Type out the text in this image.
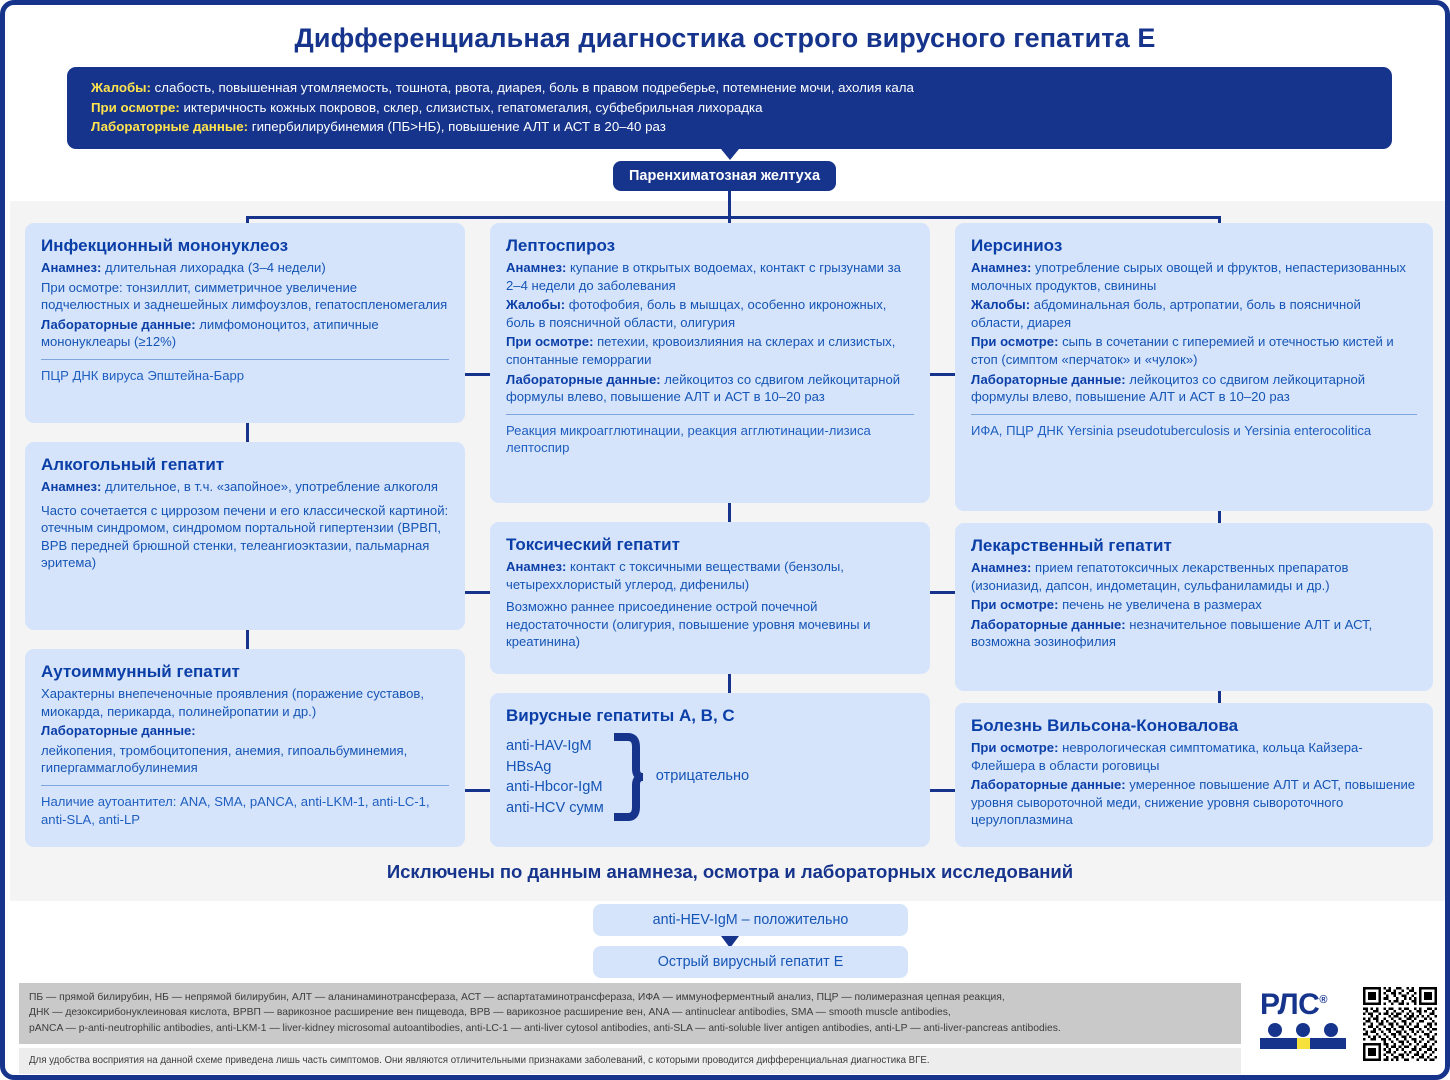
Дифференциальная диагностика острого вирусного гепатита Е
Жалобы: слабость, повышенная утомляемость, тошнота, рвота, диарея, боль в правом подреберье, потемнение мочи, ахолия кала
При осмотре: иктеричность кожных покровов, склер, слизистых, гепатомегалия, субфебрильная лихорадка
Лабораторные данные: гипербилирубинемия (ПБ>НБ), повышение АЛТ и АСТ в 20–40 раз
Паренхиматозная желтуха
Инфекционный мононуклеоз

Анамнез: длительная лихорадка (3–4 недели)

При осмотре: тонзиллит, симметричное увеличение подчелюстных и заднешейных лимфоузлов, гепатоспленомегалия

Лабораторные данные: лимфомоноцитоз, атипичные мононуклеары (≥12%)

ПЦР ДНК вируса Эпштейна-Барр

Алкогольный гепатит

Анамнез: длительное, в т.ч. «запойное», употребление алкоголя

Часто сочетается с циррозом печени и его классической картиной: отечным синдромом, синдромом портальной гипертензии (ВРВП, ВРВ передней брюшной стенки, телеангиоэктазии, пальмарная эритема)

Аутоиммунный гепатит

Характерны внепеченочные проявления (поражение суставов, миокарда, перикарда, полинейропатии и др.)

Лабораторные данные:

лейкопения, тромбоцитопения, анемия, гипоальбуминемия, гипергаммаглобулинемия

Наличие аутоантител: ANA, SMA, pANCA, anti-LKM-1, anti-LC-1, anti-SLA, anti-LP

Лептоспироз

Анамнез: купание в открытых водоемах, контакт с грызунами за 2–4 недели до заболевания

Жалобы: фотофобия, боль в мышцах, особенно икроножных, боль в поясничной области, олигурия

При осмотре: петехии, кровоизлияния на склерах и слизистых, спонтанные геморрагии

Лабораторные данные: лейкоцитоз со сдвигом лейкоцитарной формулы влево, повышение АЛТ и АСТ в 10–20 раз

Реакция микроагглютинации, реакция агглютинации-лизиса лептоспир

Токсический гепатит

Анамнез: контакт с токсичными веществами (бензолы, четыреххлористый углерод, дифенилы)

Возможно раннее присоединение острой почечной недостаточности (олигурия, повышение уровня мочевины и креатинина)

Вирусные гепатиты А, B, C
anti-HAV-IgM
HBsAg
anti-Hbcor-IgM
anti-HCV сумм
отрицательно
Иерсиниоз

Анамнез: употребление сырых овощей и фруктов, непастеризованных молочных продуктов, свинины

Жалобы: абдоминальная боль, артропатии, боль в поясничной области, диарея

При осмотре: сыпь в сочетании с гиперемией и отечностью кистей и стоп (симптом «перчаток» и «чулок»)

Лабораторные данные: лейкоцитоз со сдвигом лейкоцитарной формулы влево, повышение АЛТ и АСТ в 10–20 раз

ИФА, ПЦР ДНК Yersinia pseudotuberculosis и Yersinia enterocolitica

Лекарственный гепатит

Анамнез: прием гепатотоксичных лекарственных препаратов (изониазид, дапсон, индометацин, сульфаниламиды и др.)

При осмотре: печень не увеличена в размерах

Лабораторные данные: незначительное повышение АЛТ и АСТ, возможна эозинофилия

Болезнь Вильсона-Коновалова

При осмотре: неврологическая симптоматика, кольца Кайзера-Флейшера в области роговицы

Лабораторные данные: умеренное повышение АЛТ и АСТ, повышение уровня сывороточной меди, снижение уровня сывороточного церулоплазмина

Исключены по данным анамнеза, осмотра и лабораторных исследований
anti-HEV-IgM – положительно
Острый вирусный гепатит Е
ПБ — прямой билирубин, НБ — непрямой билирубин, АЛТ — аланинаминотрансфераза, АСТ — аспартатаминотрансфераза, ИФА — иммуноферментный анализ, ПЦР — полимеразная цепная реакция,
ДНК — дезоксирибонуклеиновая кислота, ВРВП — варикозное расширение вен пищевода, ВРВ — варикозное расширение вен, ANA — antinuclear antibodies, SMA — smooth muscle antibodies,
pANCA — p-anti-neutrophilic antibodies, anti-LKM-1 — liver-kidney microsomal autoantibodies, anti-LC-1 — anti-liver cytosol antibodies, anti-SLA — anti-soluble liver antigen antibodies, anti-LP — anti-liver-pancreas antibodies.
Для удобства восприятия на данной схеме приведена лишь часть симптомов. Они являются отличительными признаками заболеваний, с которыми проводится дифференциальная диагностика ВГЕ.
РЛС®
